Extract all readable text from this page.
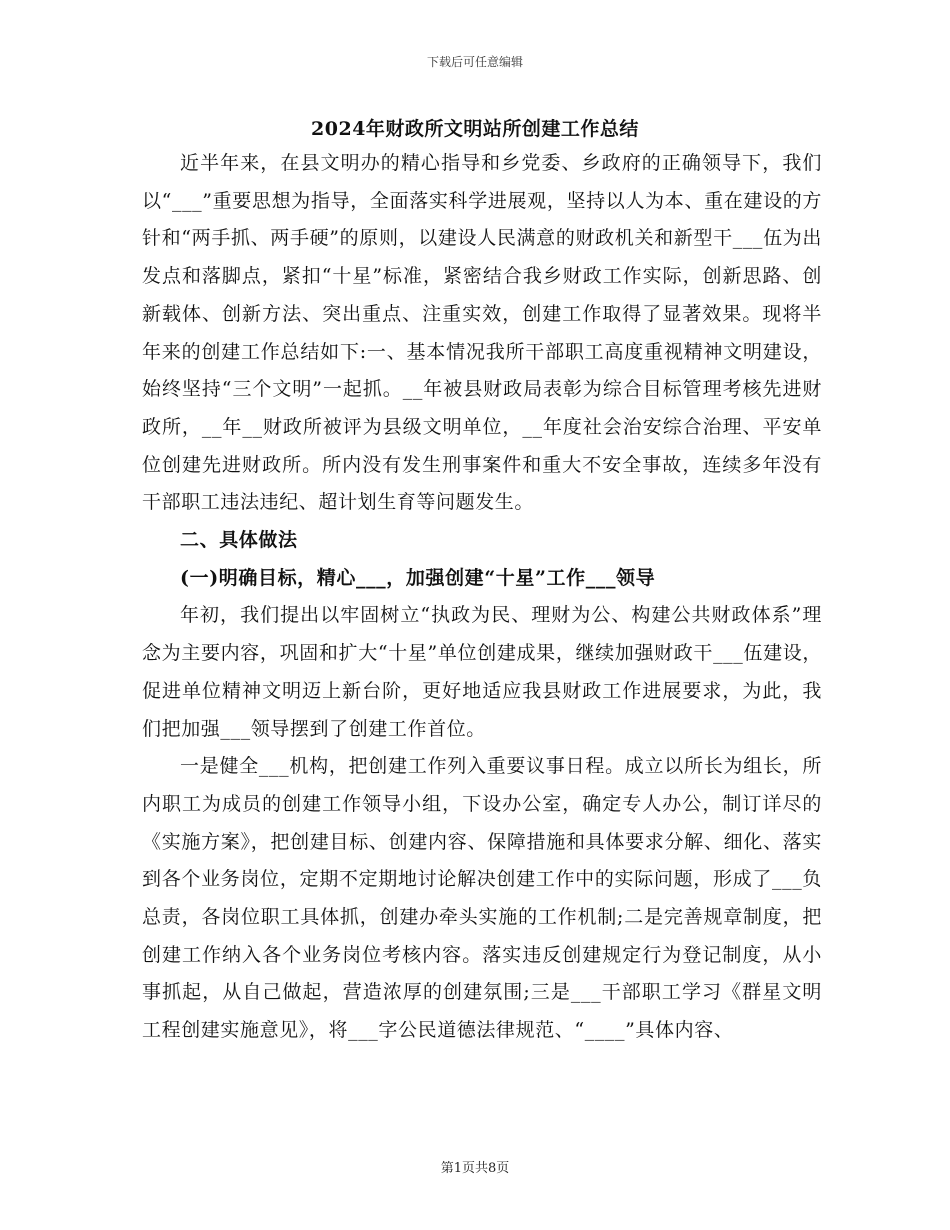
下载后可任意编辑
2024年财政所文明站所创建工作总结

近半年来，在县文明办的精心指导和乡党委、乡政府的正确领导下，我们以“___”重要思想为指导，全面落实科学进展观，坚持以人为本、重在建设的方针和“两手抓、两手硬”的原则，以建设人民满意的财政机关和新型干___伍为出发点和落脚点，紧扣“十星”标准，紧密结合我乡财政工作实际，创新思路、创新载体、创新方法、突出重点、注重实效，创建工作取得了显著效果。现将半年来的创建工作总结如下:一、基本情况我所干部职工高度重视精神文明建设，始终坚持“三个文明”一起抓。__年被县财政局表彰为综合目标管理考核先进财政所，__年__财政所被评为县级文明单位，__年度社会治安综合治理、平安单位创建先进财政所。所内没有发生刑事案件和重大不安全事故，连续多年没有干部职工违法违纪、超计划生育等问题发生。

二、具体做法

(一)明确目标，精心___，加强创建“十星”工作___领导

年初，我们提出以牢固树立“执政为民、理财为公、构建公共财政体系”理念为主要内容，巩固和扩大“十星”单位创建成果，继续加强财政干___伍建设，促进单位精神文明迈上新台阶，更好地适应我县财政工作进展要求，为此，我们把加强___领导摆到了创建工作首位。

一是健全___机构，把创建工作列入重要议事日程。成立以所长为组长，所内职工为成员的创建工作领导小组，下设办公室，确定专人办公，制订详尽的《实施方案》，把创建目标、创建内容、保障措施和具体要求分解、细化、落实到各个业务岗位，定期不定期地讨论解决创建工作中的实际问题，形成了___负总责，各岗位职工具体抓，创建办牵头实施的工作机制;二是完善规章制度，把创建工作纳入各个业务岗位考核内容。落实违反创建规定行为登记制度，从小事抓起，从自己做起，营造浓厚的创建氛围;三是___干部职工学习《群星文明工程创建实施意见》，将___字公民道德法律规范、“____”具体内容、

第1页共8页
